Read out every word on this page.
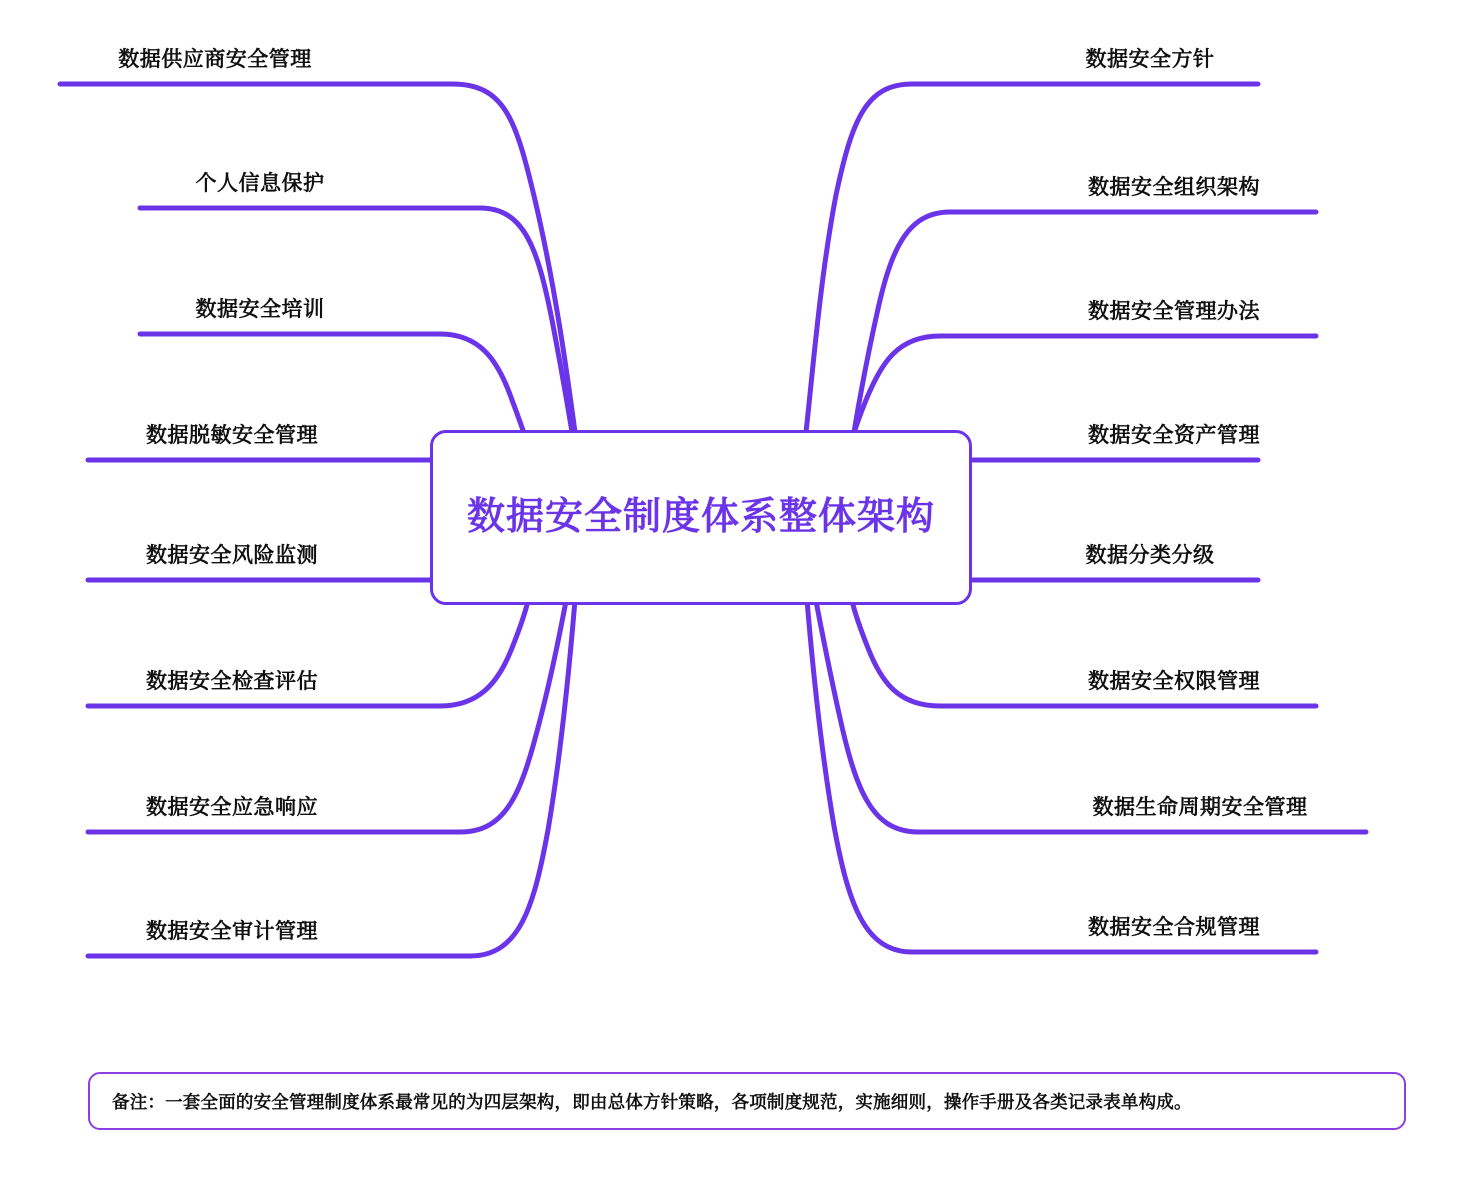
数据供应商安全管理
个人信息保护
数据安全培训
数据脱敏安全管理
数据安全风险监测
数据安全检查评估
数据安全应急响应
数据安全审计管理
数据安全方针
数据安全组织架构
数据安全管理办法
数据安全资产管理
数据分类分级
数据安全权限管理
数据生命周期安全管理
数据安全合规管理
数据安全制度体系整体架构
备注：一套全面的安全管理制度体系最常见的为四层架构，即由总体方针策略，各项制度规范，实施细则，操作手册及各类记录表单构成。
